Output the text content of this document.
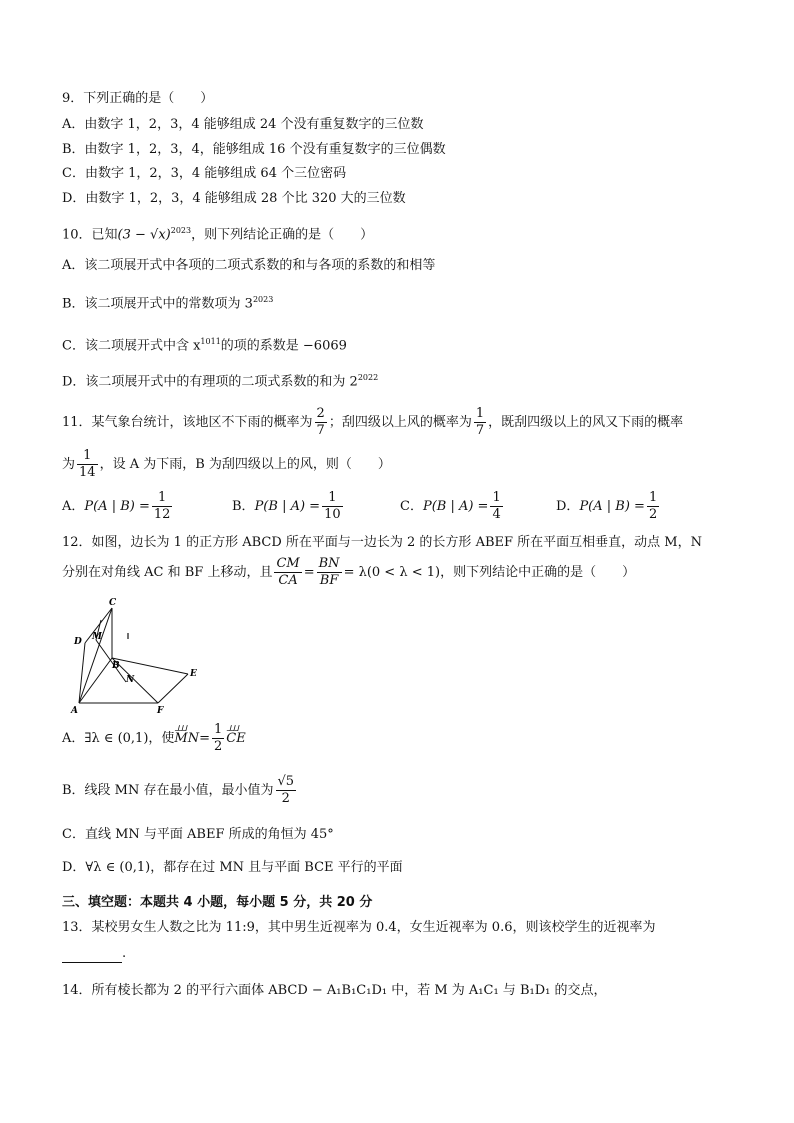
9．下列正确的是（　　）
A．由数字 1，2，3，4 能够组成 24 个没有重复数字的三位数
B．由数字 1，2，3，4，能够组成 16 个没有重复数字的三位偶数
C．由数字 1，2，3，4 能够组成 64 个三位密码
D．由数字 1，2，3，4 能够组成 28 个比 320 大的三位数
10．已知$(3 - √x)^{2023}$，则下列结论正确的是（　　）
A．该二项展开式中各项的二项式系数的和与各项的系数的和相等
B．该二项展开式中的常数项为 $3^{2023}$
C．该二项展开式中含 $x^{1011}$的项的系数是 −6069
D．该二项展开式中的有理项的二项式系数的和为 $2^{2022}$
11．某气象台统计，该地区不下雨的概率为 $\frac{2}{7}$ ；刮四级以上风的概率为 $\frac{1}{7}$ ，既刮四级以上的风又下雨的概率
为 $\frac{1}{14}$ ，设 A 为下雨，B 为刮四级以上的风，则（　　）
A．P(A | $B) = \frac{1}{12}$	B．P(B | $A) = \frac{1}{10}$	C．P(B | $A) = \frac{1}{4}$	D．P(A | $B) = \frac{1}{2}$
12．如图，边长为 1 的正方形 ABCD 所在平面与一边长为 2 的长方形 ABEF 所在平面互相垂直，动点 M，N
分别在对角线 AC 和 BF 上移动，且 $\frac{CM}{CA} = \frac{BN}{BF} = \lambda(0 < \lambda < 1)$，则下列结论中正确的是（　　）
C
D M
B
N
E
A	F
A．∃λ ∈ (0,1)，使ᒧᒧᒧ $MN= \frac{1}{2}$
ᒧᒧᒧ CE
B．线段 MN 存在最小值，最小值为 $\frac{√5}{2}$
C．直线 MN 与平面 ABEF 所成的角恒为 45°
D．∀λ ∈ (0,1)，都存在过 MN 且与平面 BCE 平行的平面
三、填空题：本题共 4 小题，每小题 5 分，共 20 分
13．某校男女生人数之比为 11:9，其中男生近视率为 0.4，女生近视率为 0.6，则该校学生的近视率为
.
14．所有棱长都为 2 的平行六面体 ABCD − A₁B₁C₁D₁ 中，若 M 为 A₁C₁ 与 B₁D₁ 的交点，
